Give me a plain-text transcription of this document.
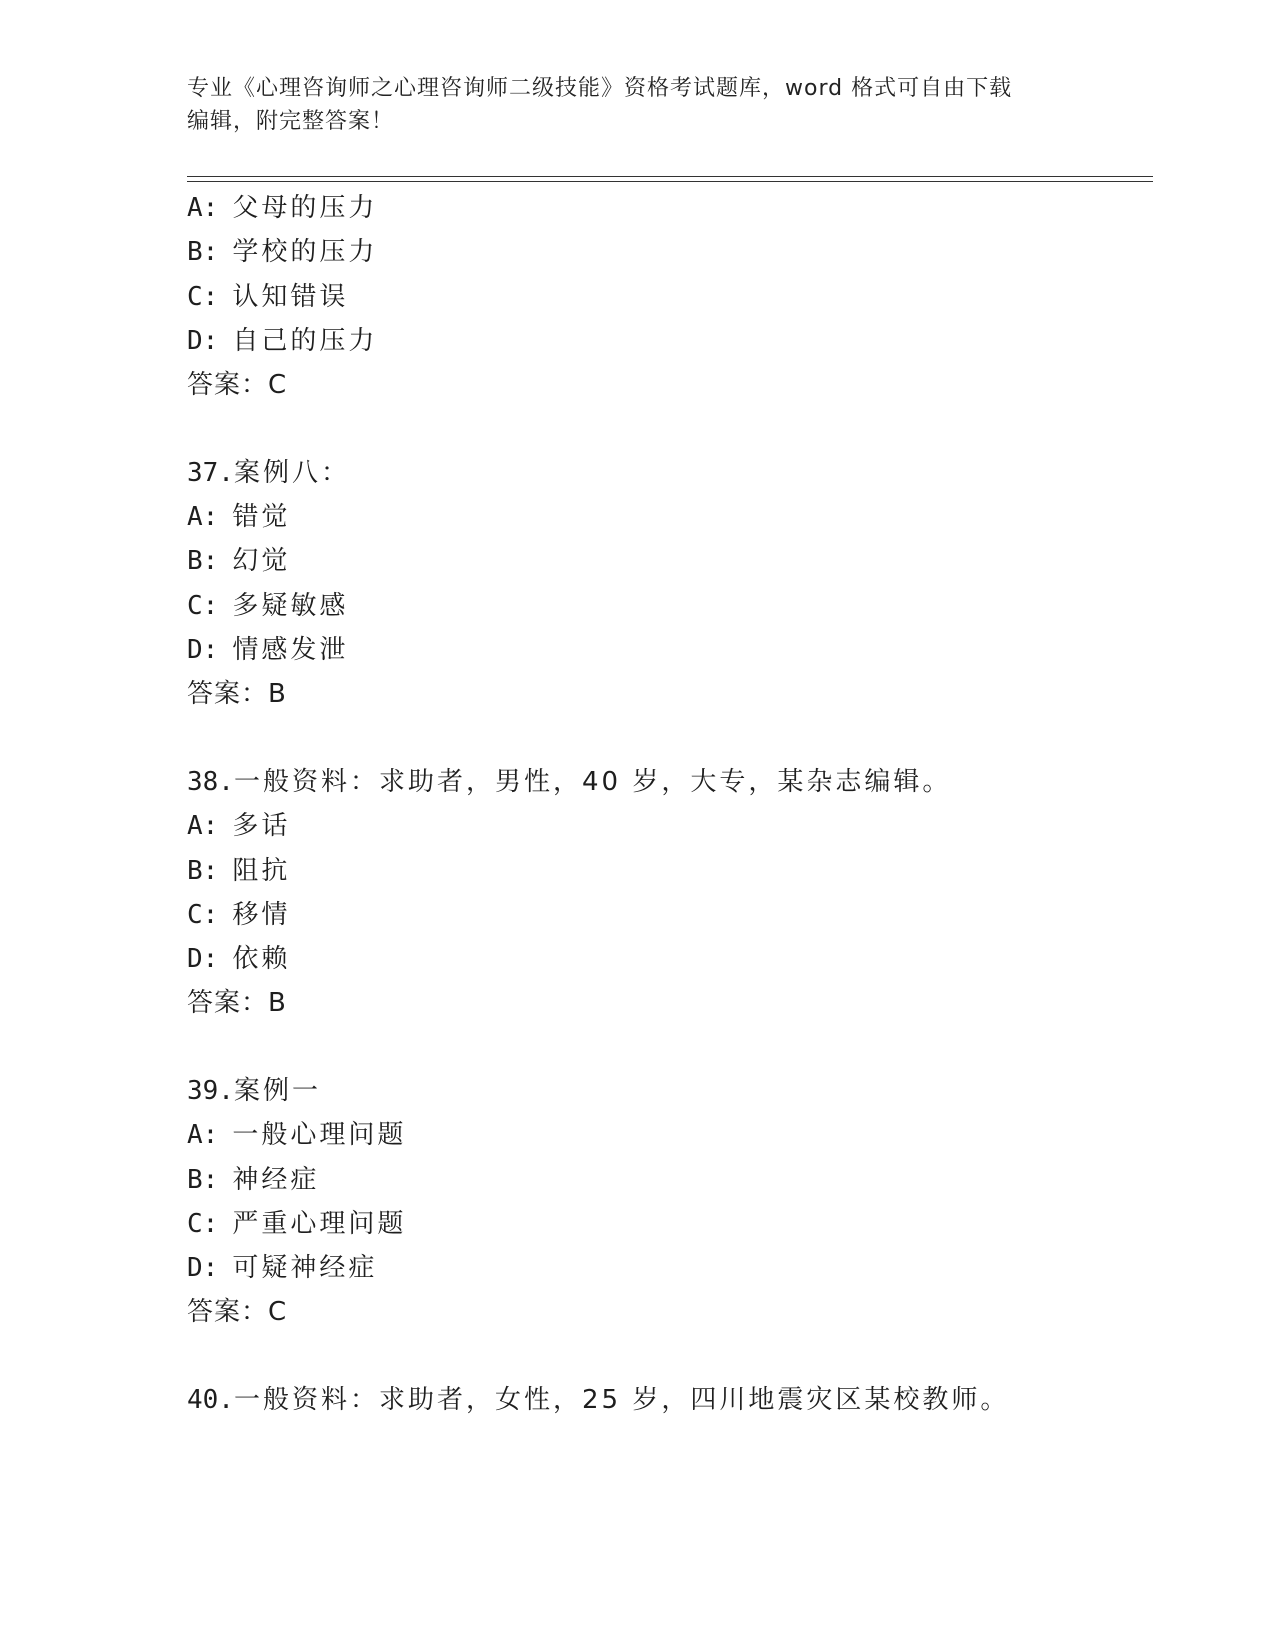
专业《心理咨询师之心理咨询师二级技能》资格考试题库，word 格式可自由下载
编辑，附完整答案！
A: 父母的压力
B: 学校的压力
C: 认知错误
D: 自己的压力
答案：C
37.案例八：
A: 错觉
B: 幻觉
C: 多疑敏感
D: 情感发泄
答案：B
38.一般资料：求助者，男性，40 岁，大专，某杂志编辑。
A: 多话
B: 阻抗
C: 移情
D: 依赖
答案：B
39.案例一
A: 一般心理问题
B: 神经症
C: 严重心理问题
D: 可疑神经症
答案：C
40.一般资料：求助者，女性，25 岁，四川地震灾区某校教师。
